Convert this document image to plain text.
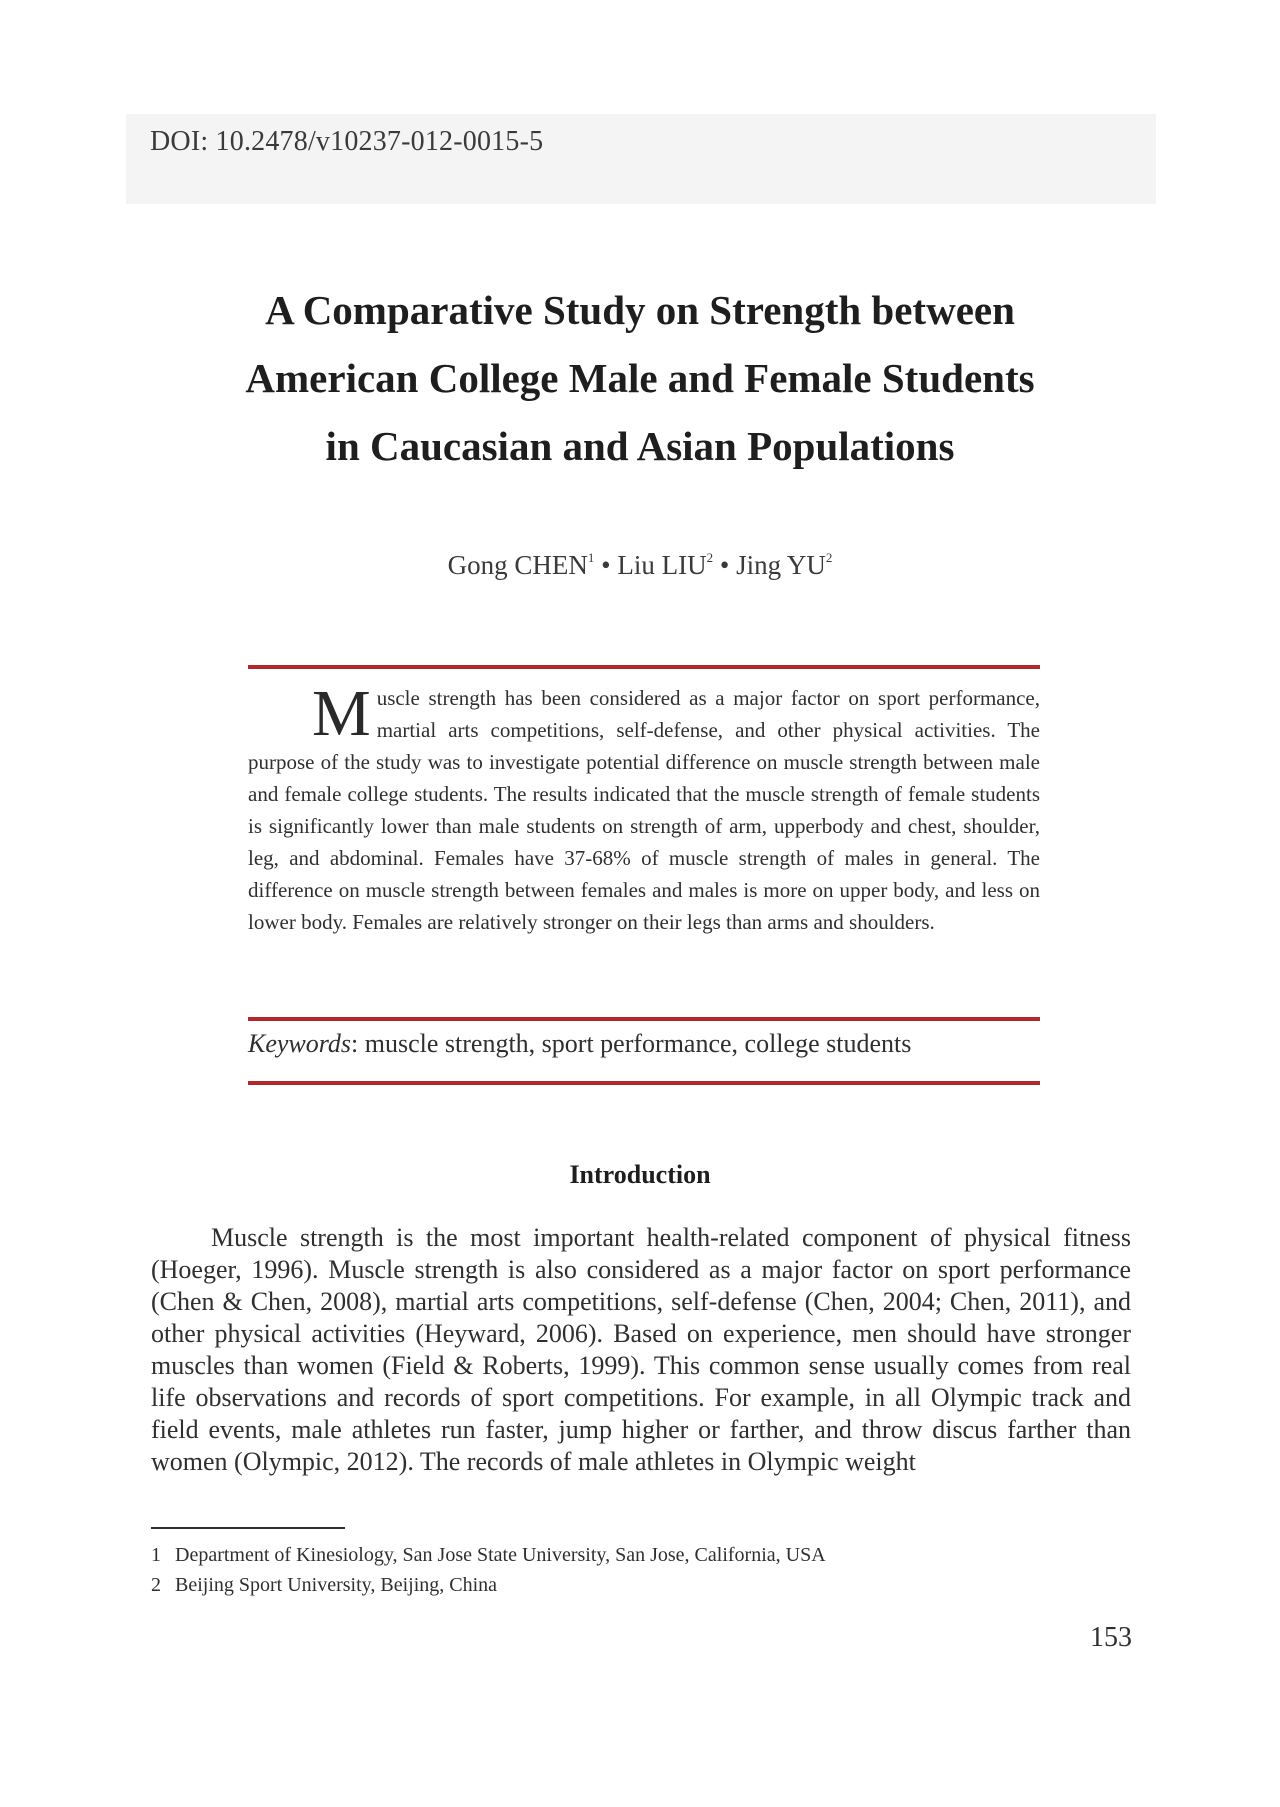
DOI: 10.2478/v10237-012-0015-5
A Comparative Study on Strength between
American College Male and Female Students
in Caucasian and Asian Populations
Gong CHEN$^1$ • Liu LIU$^2$ • Jing $YU^2$
Muscle strength has been considered as a major factor on sport performance, martial arts competitions, self-defense, and other physical activities. The purpose of the study was to investigate potential difference on muscle strength between male and female college students. The results indicated that the muscle strength of female students is significantly lower than male students on strength of arm, upperbody and chest, shoulder, leg, and abdominal. Females have 37-68% of muscle strength of males in general. The difference on muscle strength between females and males is more on upper body, and less on lower body. Females are relatively stronger on their legs than arms and shoulders.
Keywords: muscle strength, sport performance, college students
Introduction
Muscle strength is the most important health-related component of physical fitness (Hoeger, 1996). Muscle strength is also considered as a major factor on sport performance (Chen & Chen, 2008), martial arts competitions, self-defense (Chen, 2004; Chen, 2011), and other physical activities (Heyward, 2006). Based on experience, men should have stronger muscles than women (Field & Roberts, 1999). This common sense usually comes from real life observations and records of sport competitions. For example, in all Olympic track and field events, male athletes run faster, jump higher or farther, and throw discus farther than women (Olympic, 2012). The records of male athletes in Olympic weight
1 Department of Kinesiology, San Jose State University, San Jose, California, USA
2 Beijing Sport University, Beijing, China
153
